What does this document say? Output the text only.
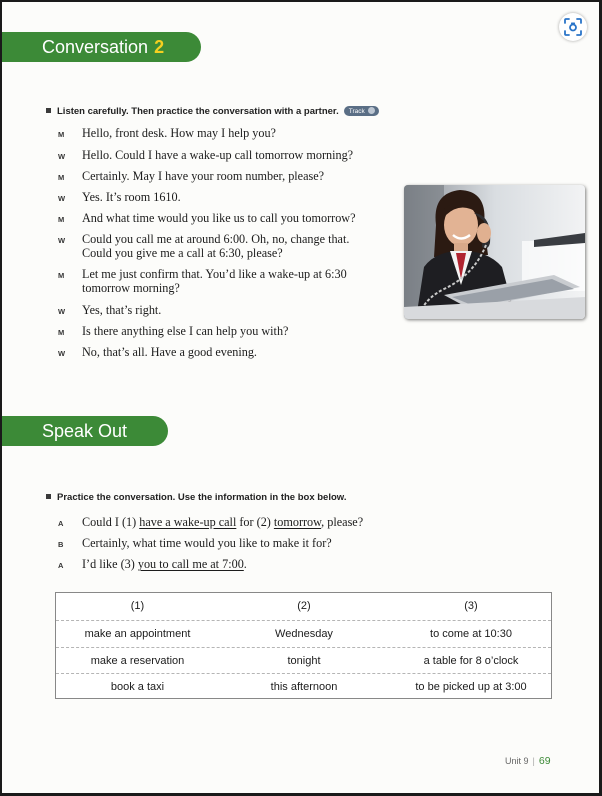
Conversation 2
Listen carefully. Then practice the conversation with a partner. Track
M	Hello, front desk. How may I help you?
W	Hello. Could I have a wake-up call tomorrow morning?
M	Certainly. May I have your room number, please?
W	Yes. It’s room 1610.
M	And what time would you like us to call you tomorrow?
W	Could you call me at around 6:00. Oh, no, change that.
Could you give me a call at 6:30, please?
M	Let me just confirm that. You’d like a wake-up at 6:30
tomorrow morning?
W	Yes, that’s right.
M	Is there anything else I can help you with?
W	No, that’s all. Have a good evening.
Speak Out
Practice the conversation. Use the information in the box below.
A	Could I (1) have a wake-up call for (2) tomorrow, please?
B	Certainly, what time would you like to make it for?
A	I’d like (3) you to call me at 7:00.
(1)	(2)	(3)
make an appointment	Wednesday	to come at 10:30
make a reservation	tonight	a table for 8 o’clock
book a taxi	this afternoon	to be picked up at 3:00
Unit 9 | 69
